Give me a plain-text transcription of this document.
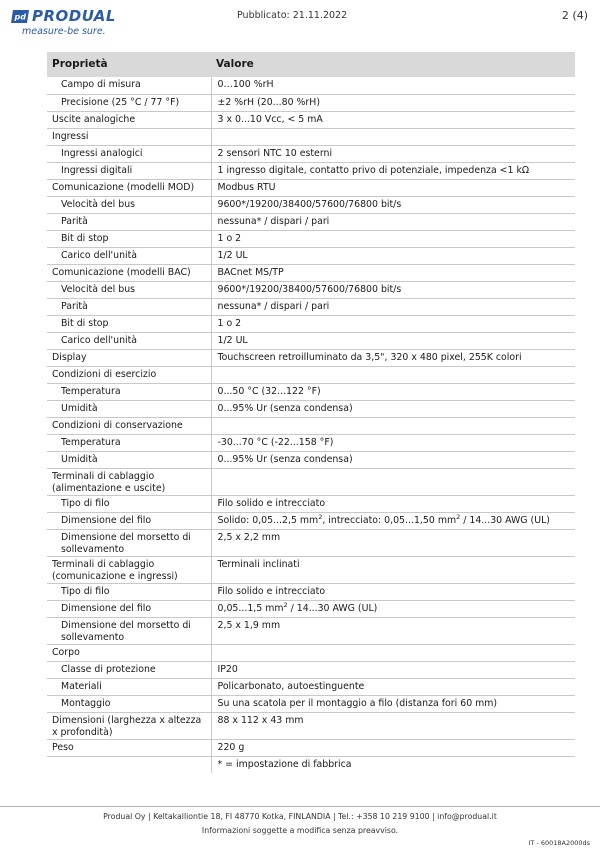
pd PRODUAL
measure-be sure.
Pubblicato: 21.11.2022	2 (4)
Proprietà	Valore
Campo di misura	0…100 %rH
Precisione (25 °C / 77 °F)	±2 %rH (20...80 %rH)
Uscite analogiche	3 x 0...10 Vcc, < 5 mA
Ingressi	
Ingressi analogici	2 sensori NTC 10 esterni
Ingressi digitali	1 ingresso digitale, contatto privo di potenziale, impedenza <1 kΩ
Comunicazione (modelli MOD)	Modbus RTU
Velocità del bus	9600*/19200/38400/57600/76800 bit/s
Parità	nessuna* / dispari / pari
Bit di stop	1 o 2
Carico dell'unità	1/2 UL
Comunicazione (modelli BAC)	BACnet MS/TP
Velocità del bus	9600*/19200/38400/57600/76800 bit/s
Parità	nessuna* / dispari / pari
Bit di stop	1 o 2
Carico dell'unità	1/2 UL
Display	Touchscreen retroilluminato da 3,5", 320 x 480 pixel, 255K colori
Condizioni di esercizio	
Temperatura	0...50 °C (32...122 °F)
Umidità	0...95% Ur (senza condensa)
Condizioni di conservazione	
Temperatura	-30...70 °C (-22...158 °F)
Umidità	0...95% Ur (senza condensa)
Terminali di cablaggio (alimentazione e uscite)	
Tipo di filo	Filo solido e intrecciato
Dimensione del filo	Solido: 0,05...2,5 $mm^2$, intrecciato: 0,05...1,50 $mm^2 / 14...30$ AWG (UL)
Dimensione del morsetto di sollevamento	2,5 x 2,2 mm
Terminali di cablaggio (comunicazione e ingressi)	Terminali inclinati
Tipo di filo	Filo solido e intrecciato
Dimensione del filo	0,05...1,5 $mm^2 / 14...30$ AWG (UL)
Dimensione del morsetto di sollevamento	2,5 x 1,9 mm
Corpo	
Classe di protezione	IP20
Materiali	Policarbonato, autoestinguente
Montaggio	Su una scatola per il montaggio a filo (distanza fori 60 mm)
Dimensioni (larghezza x altezza x profondità)	88 x 112 x 43 mm
Peso	220 g
	* = impostazione di fabbrica
Produal Oy | Keltakalliontie 18, FI 48770 Kotka, FINLANDIA | Tel.: +358 10 219 9100 | info@produal.it
Informazioni soggette a modifica senza preavviso.
IT - 60018A2000ds
